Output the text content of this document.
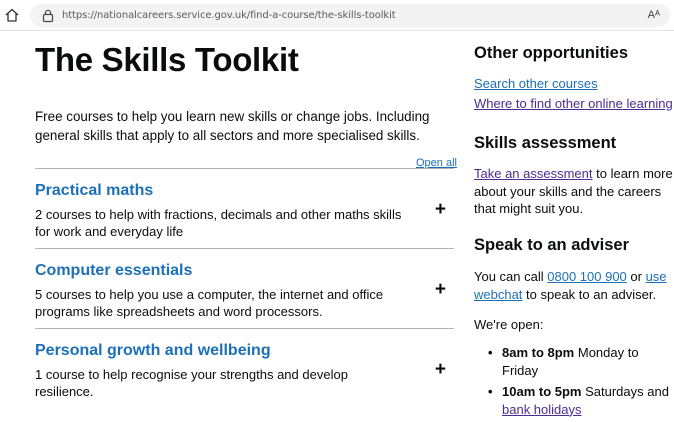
https://nationalcareers.service.gov.uk/find-a-course/the-skills-toolkit	Aᴬ
The Skills Toolkit

Free courses to help you learn new skills or change jobs. Including general skills that apply to all sectors and more specialised skills.

Open all
Practical maths
2 courses to help with fractions, decimals and other maths skills for work and everyday life
+
Computer essentials
5 courses to help you use a computer, the internet and office programs like spreadsheets and word processors.
+
Personal growth and wellbeing
1 course to help recognise your strengths and develop resilience.
+
Other opportunities
Search other courses
Where to find other online learning
Skills assessment

Take an assessment to learn more about your skills and the careers that might suit you.

Speak to an adviser

You can call 0800 100 900 or use webchat to speak to an adviser.

We're open:

• 8am to 8pm Monday to Friday
• 10am to 5pm Saturdays and bank holidays
